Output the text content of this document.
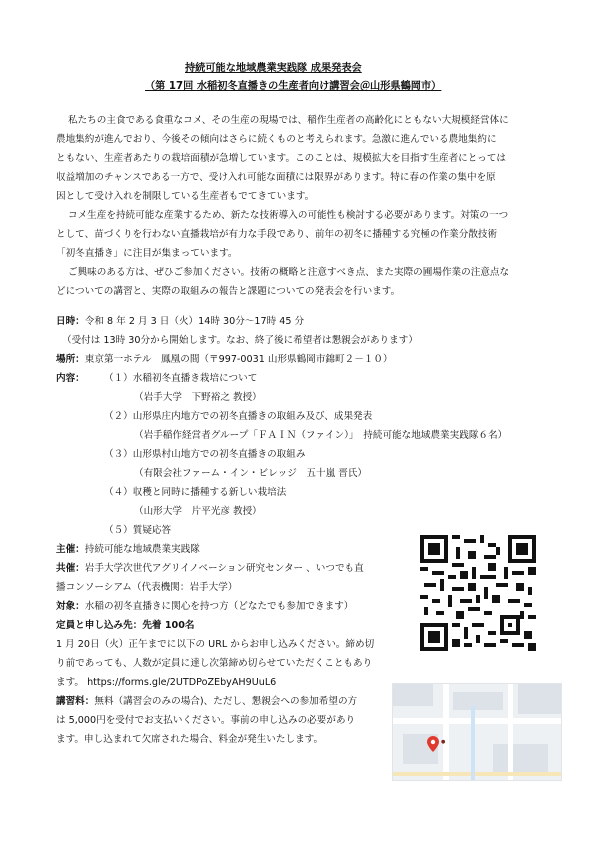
持続可能な地域農業実践隊 成果発表会
（第 17回 水稲初冬直播きの生産者向け講習会＠山形県鶴岡市）
私たちの主食である食重なコメ、その生産の現場では、稲作生産者の高齢化にともない大規模経営体に
農地集約が進んでおり、今後その傾向はさらに続くものと考えられます。急激に進んでいる農地集約に
ともない、生産者あたりの栽培面積が急増しています。このことは、規模拡大を目指す生産者にとっては
収益増加のチャンスである一方で、受け入れ可能な面積には限界があります。特に春の作業の集中を原
因として受け入れを制限している生産者もでてきています。
コメ生産を持続可能な産業するため、新たな技術導入の可能性も検討する必要があります。対策の一つ
として、苗づくりを行わない直播栽培が有力な手段であり、前年の初冬に播種する究極の作業分散技術
「初冬直播き」に注目が集まっています。
ご興味のある方は、ぜひご参加ください。技術の概略と注意すべき点、また実際の圃場作業の注意点な
どについての講習と、実際の取組みの報告と課題についての発表会を行います。
日時：令和 8 年 2 月 3 日（火）14時 30分～17時 45 分
（受付は 13時 30分から開始します。なお、終了後に希望者は懇親会があります）
場所：東京第一ホテル　鳳凰の間（〒997-0031 山形県鶴岡市錦町２－１０）
内容： （１）水稲初冬直播き栽培について
（岩手大学　下野裕之 教授）
（２）山形県庄内地方での初冬直播きの取組み及び、成果発表
（岩手稲作経営者グループ「ＦＡＩＮ（ファイン）」　持続可能な地域農業実践隊６名）
（３）山形県村山地方での初冬直播きの取組み
（有限会社ファーム・イン・ビレッジ　五十嵐 晋氏）
（４）収穫と同時に播種する新しい栽培法
（山形大学　片平光彦 教授）
（５）質疑応答
主催：持続可能な地域農業実践隊
共催：岩手大学次世代アグリイノベーション研究センター 、いつでも直
播コンソーシアム（代表機関：岩手大学）
対象：水稲の初冬直播きに関心を持つ方（どなたでも参加できます）
定員と申し込み先：先着 100名
1 月 20日（火）正午までに以下の URL からお申し込みください。締め切
り前であっても、人数が定員に達し次第締め切らせていただくこともあり
ます。 https://forms.gle/2UTDPoZEbyAH9UuL6
講習料：無料（講習会のみの場合)、ただし、懇親会への参加希望の方
は 5,000円を受付でお支払いください。事前の申し込みの必要があり
ます。申し込まれて欠席された場合、料金が発生いたします。	●
